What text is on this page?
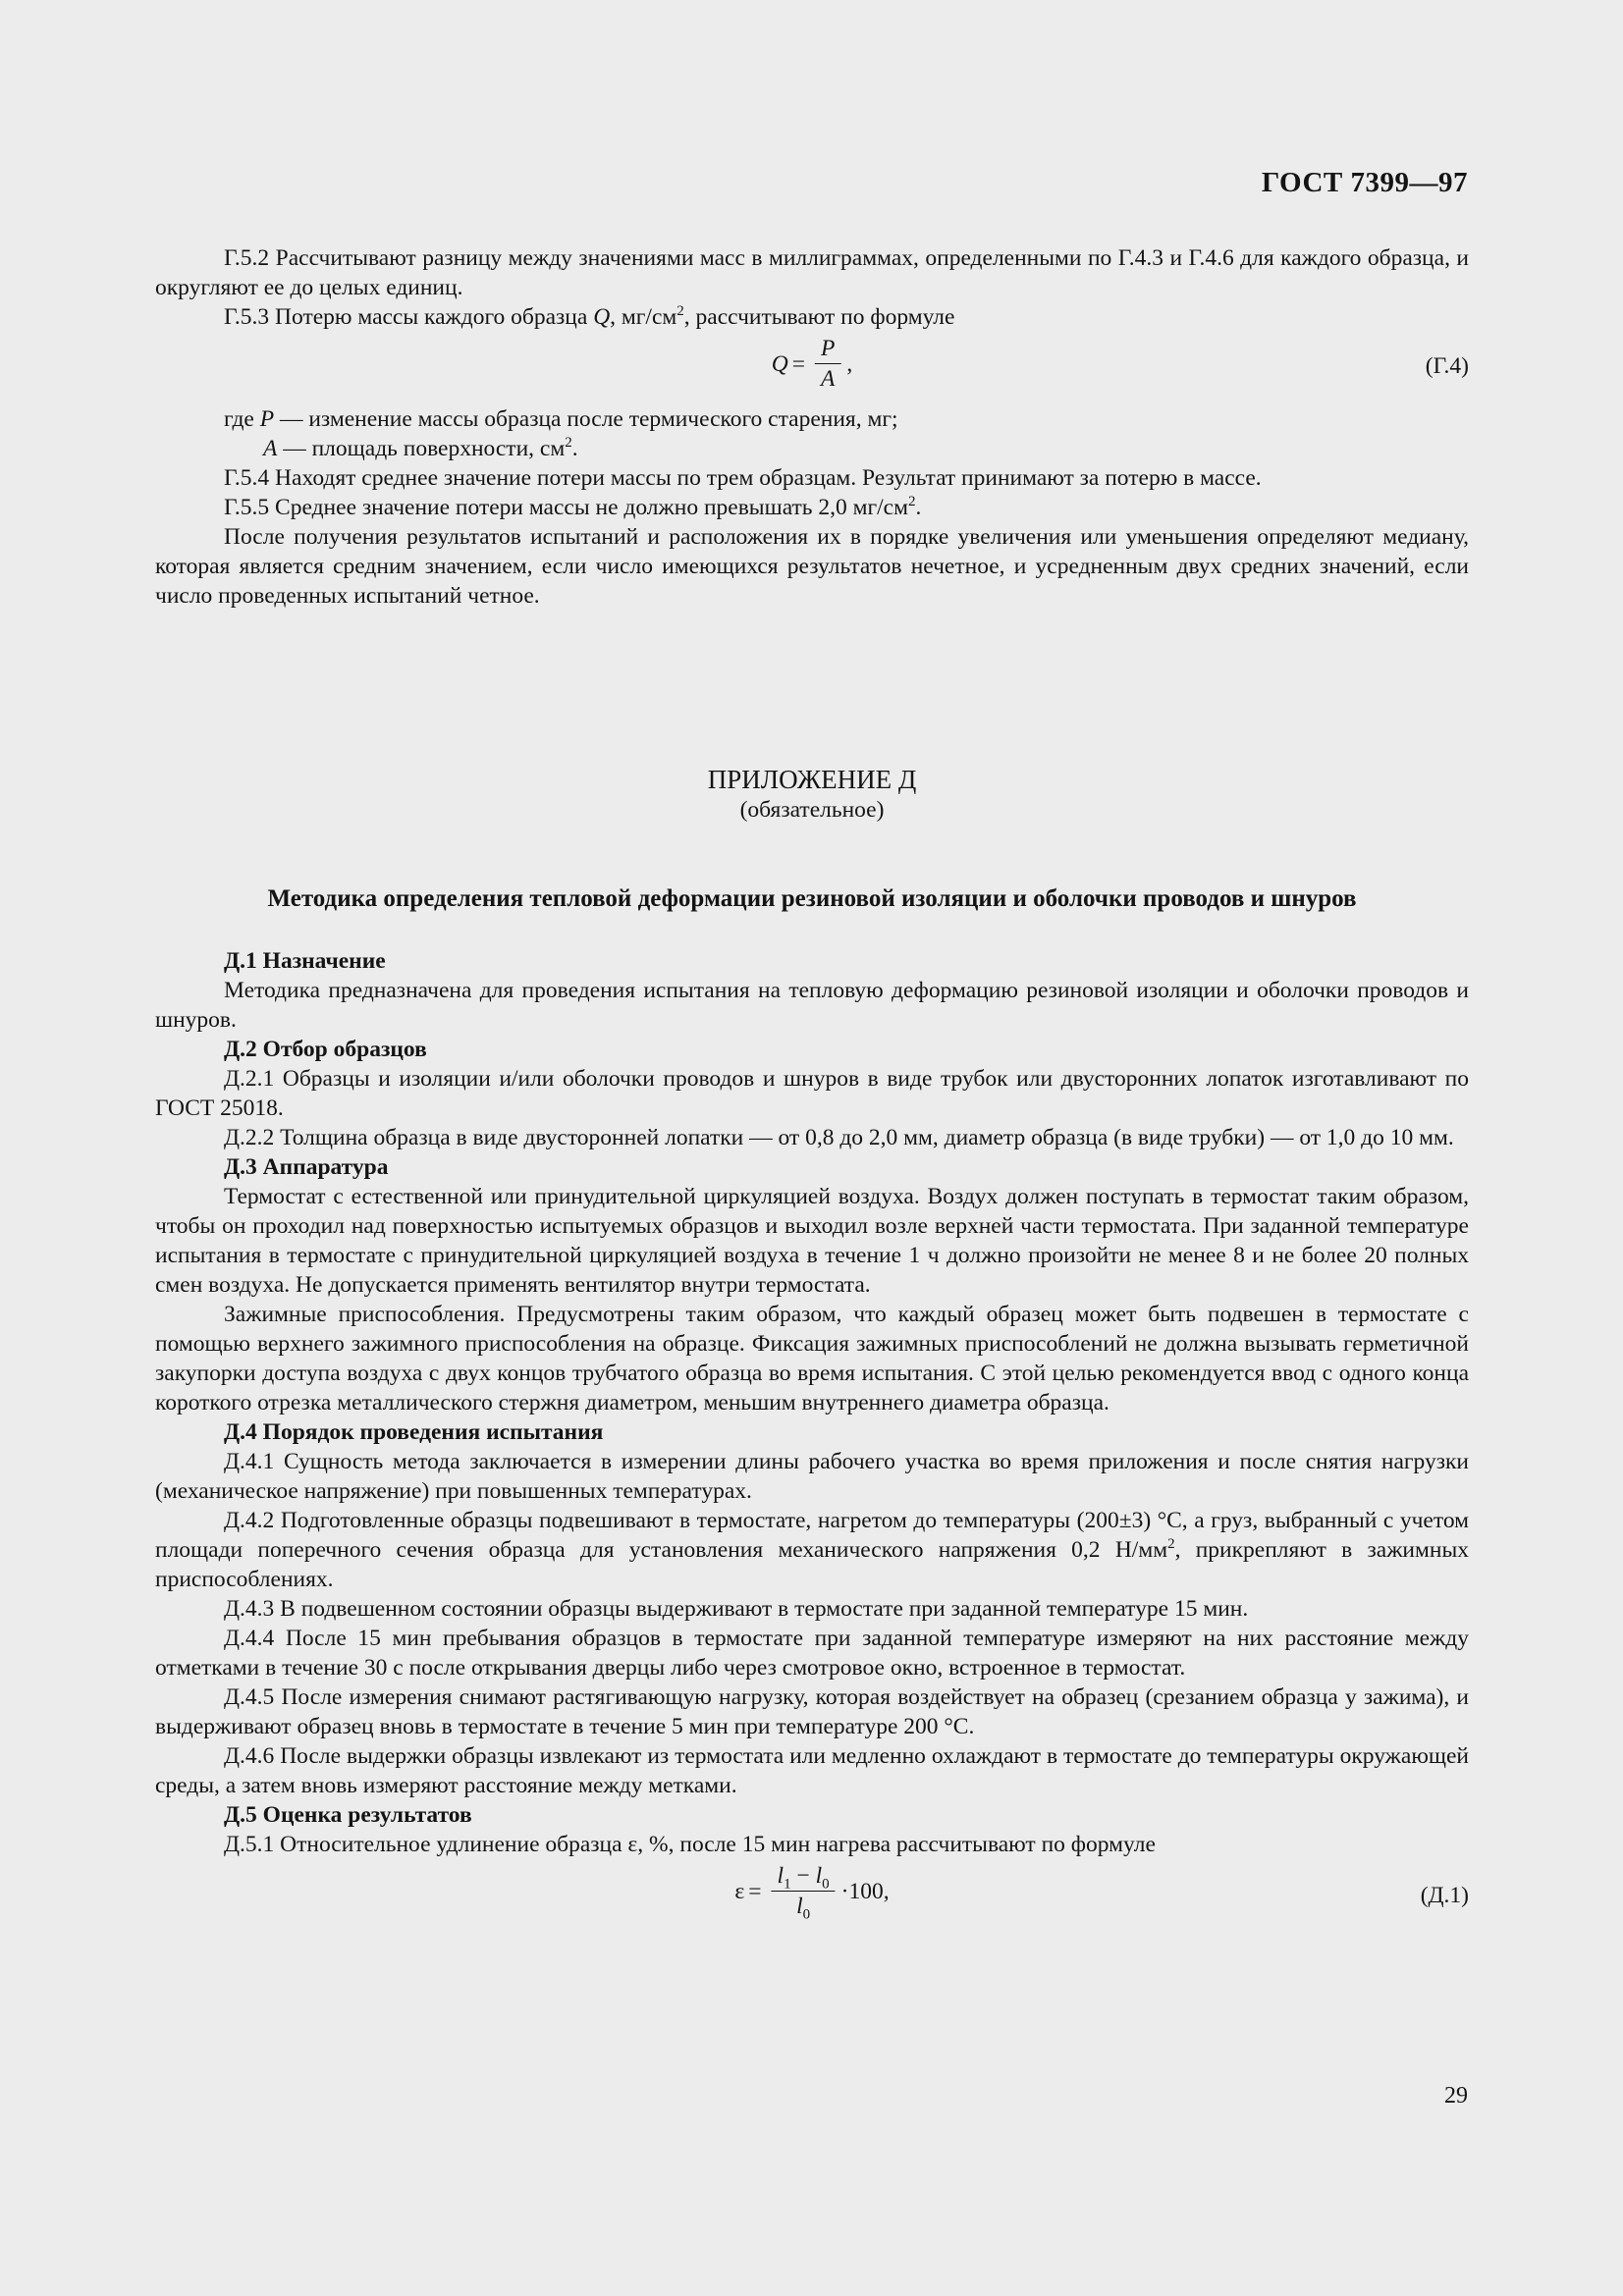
ГОСТ 7399—97

Г.5.2 Рассчитывают разницу между значениями масс в миллиграммах, определенными по Г.4.3 и Г.4.6 для каждого образца, и округляют ее до целых единиц.

Г.5.3 Потерю массы каждого образца Q, $мг/см^2$, рассчитывают по формуле

$Q = \frac{P}{A}$ ,	(Г.4)

где P — изменение массы образца после термического старения, мг;

A — площадь поверхности, $см^2$.

Г.5.4 Находят среднее значение потери массы по трем образцам. Результат принимают за потерю в массе.

Г.5.5 Среднее значение потери массы не должно превышать 2,0 $мг/см^2$.

После получения результатов испытаний и расположения их в порядке увеличения или уменьшения определяют медиану, которая является средним значением, если число имеющихся результатов нечетное, и усредненным двух средних значений, если число проведенных испытаний четное.

ПРИЛОЖЕНИЕ Д
(обязательное)
Методика определения тепловой деформации резиновой изоляции и оболочки проводов и шнуров

Д.1 Назначение

Методика предназначена для проведения испытания на тепловую деформацию резиновой изоляции и оболочки проводов и шнуров.

Д.2 Отбор образцов

Д.2.1 Образцы и изоляции и/или оболочки проводов и шнуров в виде трубок или двусторонних лопаток изготавливают по ГОСТ 25018.

Д.2.2 Толщина образца в виде двусторонней лопатки — от 0,8 до 2,0 мм, диаметр образца (в виде трубки) — от 1,0 до 10 мм.

Д.3 Аппаратура

Термостат с естественной или принудительной циркуляцией воздуха. Воздух должен поступать в термостат таким образом, чтобы он проходил над поверхностью испытуемых образцов и выходил возле верхней части термостата. При заданной температуре испытания в термостате с принудительной циркуляцией воздуха в течение 1 ч должно произойти не менее 8 и не более 20 полных смен воздуха. Не допускается применять вентилятор внутри термостата.

Зажимные приспособления. Предусмотрены таким образом, что каждый образец может быть подвешен в термостате с помощью верхнего зажимного приспособления на образце. Фиксация зажимных приспособлений не должна вызывать герметичной закупорки доступа воздуха с двух концов трубчатого образца во время испытания. С этой целью рекомендуется ввод с одного конца короткого отрезка металлического стержня диаметром, меньшим внутреннего диаметра образца.

Д.4 Порядок проведения испытания

Д.4.1 Сущность метода заключается в измерении длины рабочего участка во время приложения и после снятия нагрузки (механическое напряжение) при повышенных температурах.

Д.4.2 Подготовленные образцы подвешивают в термостате, нагретом до температуры (200±3) °С, а груз, выбранный с учетом площади поперечного сечения образца для установления механического напряжения 0,2 $Н/мм^2$, прикрепляют в зажимных приспособлениях.

Д.4.3 В подвешенном состоянии образцы выдерживают в термостате при заданной температуре 15 мин.

Д.4.4 После 15 мин пребывания образцов в термостате при заданной температуре измеряют на них расстояние между отметками в течение 30 с после открывания дверцы либо через смотровое окно, встроенное в термостат.

Д.4.5 После измерения снимают растягивающую нагрузку, которая воздействует на образец (срезанием образца у зажима), и выдерживают образец вновь в термостате в течение 5 мин при температуре 200 °С.

Д.4.6 После выдержки образцы извлекают из термостата или медленно охлаждают в термостате до температуры окружающей среды, а затем вновь измеряют расстояние между метками.

Д.5 Оценка результатов

Д.5.1 Относительное удлинение образца ε, %, после 15 мин нагрева рассчитывают по формуле

$\varepsilon = \frac{l_1 - l_0}{l_0} \cdot 100$ ,	(Д.1)
29
